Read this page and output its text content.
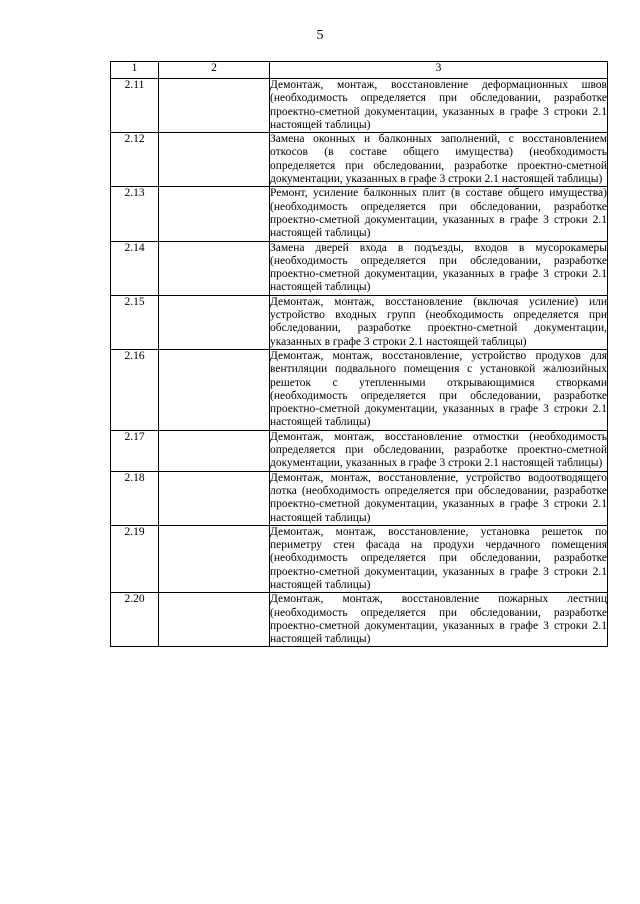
5
1	2	3
2.11		Демонтаж, монтаж, восстановление деформационных швов (необходимость определяется при обследовании, разработке проектно-сметной документации, указанных в графе 3 строки 2.1 настоящей таблицы)
2.12		Замена оконных и балконных заполнений, с восстановлением откосов (в составе общего имущества) (необходимость определяется при обследовании, разработке проектно-сметной документации, указанных в графе 3 строки 2.1 настоящей таблицы)
2.13		Ремонт, усиление балконных плит (в составе общего имущества) (необходимость определяется при обследовании, разработке проектно-сметной документации, указанных в графе 3 строки 2.1 настоящей таблицы)
2.14		Замена дверей входа в подъезды, входов в мусорокамеры (необходимость определяется при обследовании, разработке проектно-сметной документации, указанных в графе 3 строки 2.1 настоящей таблицы)
2.15		Демонтаж, монтаж, восстановление (включая усиление) или устройство входных групп (необходимость определяется при обследовании, разработке проектно-сметной документации, указанных в графе 3 строки 2.1 настоящей таблицы)
2.16		Демонтаж, монтаж, восстановление, устройство продухов для вентиляции подвального помещения с установкой жалюзийных решеток с утепленными открывающимися створками (необходимость определяется при обследовании, разработке проектно-сметной документации, указанных в графе 3 строки 2.1 настоящей таблицы)
2.17		Демонтаж, монтаж, восстановление отмостки (необходимость определяется при обследовании, разработке проектно-сметной документации, указанных в графе 3 строки 2.1 настоящей таблицы)
2.18		Демонтаж, монтаж, восстановление, устройство водоотводящего лотка (необходимость определяется при обследовании, разработке проектно-сметной документации, указанных в графе 3 строки 2.1 настоящей таблицы)
2.19		Демонтаж, монтаж, восстановление, установка решеток по периметру стен фасада на продухи чердачного помещения (необходимость определяется при обследовании, разработке проектно-сметной документации, указанных в графе 3 строки 2.1 настоящей таблицы)
2.20		Демонтаж, монтаж, восстановление пожарных лестниц (необходимость определяется при обследовании, разработке проектно-сметной документации, указанных в графе 3 строки 2.1 настоящей таблицы)
